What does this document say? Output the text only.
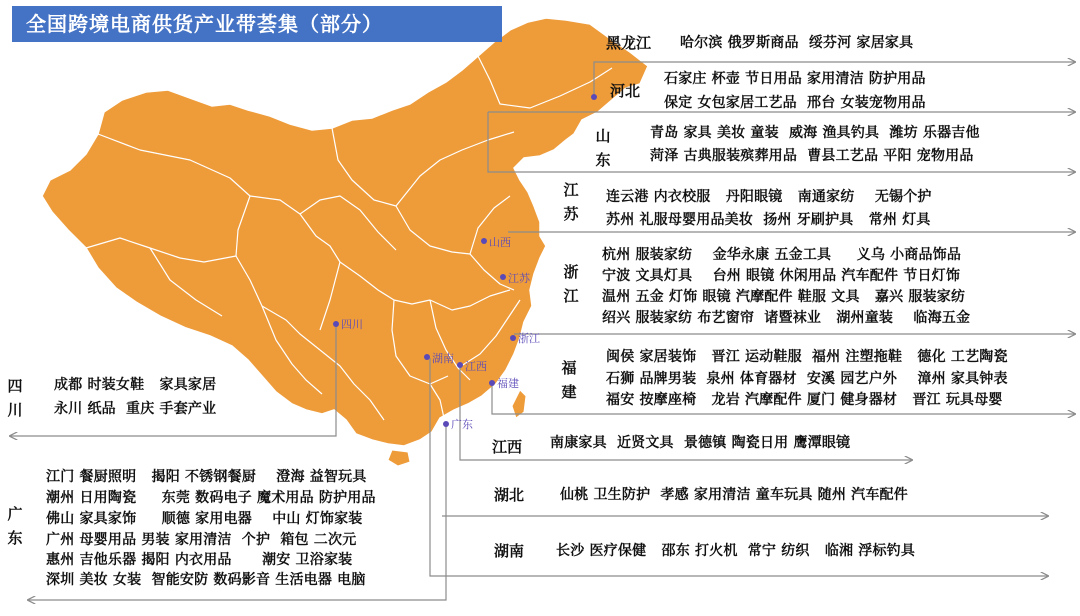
全国跨境电商供货产业带荟集（部分）
山西
江苏
浙江
四川
湖南
江西
福建
广东
黑龙江 哈尔滨 俄罗斯商品  绥芬河 家居家具
河北
石家庄 杯壶 节日用品 家用清洁 防护用品
保定 女包家居工艺品  邢台 女装宠物用品
山东
青岛 家具 美妆 童装  威海 渔具钓具  潍坊 乐器吉他
菏泽 古典服装殡葬用品  曹县工艺品 平阳 宠物用品
江苏
连云港 内衣校服   丹阳眼镜   南通家纺    无锡个护
苏州 礼服母婴用品美妆  扬州 牙刷护具   常州 灯具
浙江
杭州 服装家纺    金华永康 五金工具     义乌 小商品饰品
宁波 文具灯具    台州 眼镜 休闲用品 汽车配件 节日灯饰
温州 五金 灯饰 眼镜 汽摩配件 鞋服 文具   嘉兴 服装家纺
绍兴 服装家纺 布艺窗帘  诸暨袜业   湖州童装    临海五金
福建
闽侯 家居装饰   晋江 运动鞋服  福州 注塑拖鞋   德化 工艺陶瓷
石狮 品牌男装  泉州 体育器材  安溪 园艺户外    漳州 家具钟表
福安 按摩座椅   龙岩 汽摩配件 厦门 健身器材   晋江 玩具母婴
江西 南康家具  近贤文具  景德镇 陶瓷日用 鹰潭眼镜
湖北	仙桃 卫生防护  孝感 家用清洁 童车玩具 随州 汽车配件
湖南 长沙 医疗保健   邵东 打火机  常宁 纺织   临湘 浮标钓具
四川
成都 时装女鞋   家具家居
永川 纸品  重庆 手套产业
广东
江门 餐厨照明   揭阳 不锈钢餐厨    澄海 益智玩具
潮州 日用陶瓷     东莞 数码电子 魔术用品 防护用品
佛山 家具家饰     顺德 家用电器    中山 灯饰家装
广州 母婴用品 男装 家用清洁  个护  箱包 二次元
惠州 吉他乐器 揭阳 内衣用品      潮安 卫浴家装
深圳 美妆 女装  智能安防 数码影音 生活电器 电脑
